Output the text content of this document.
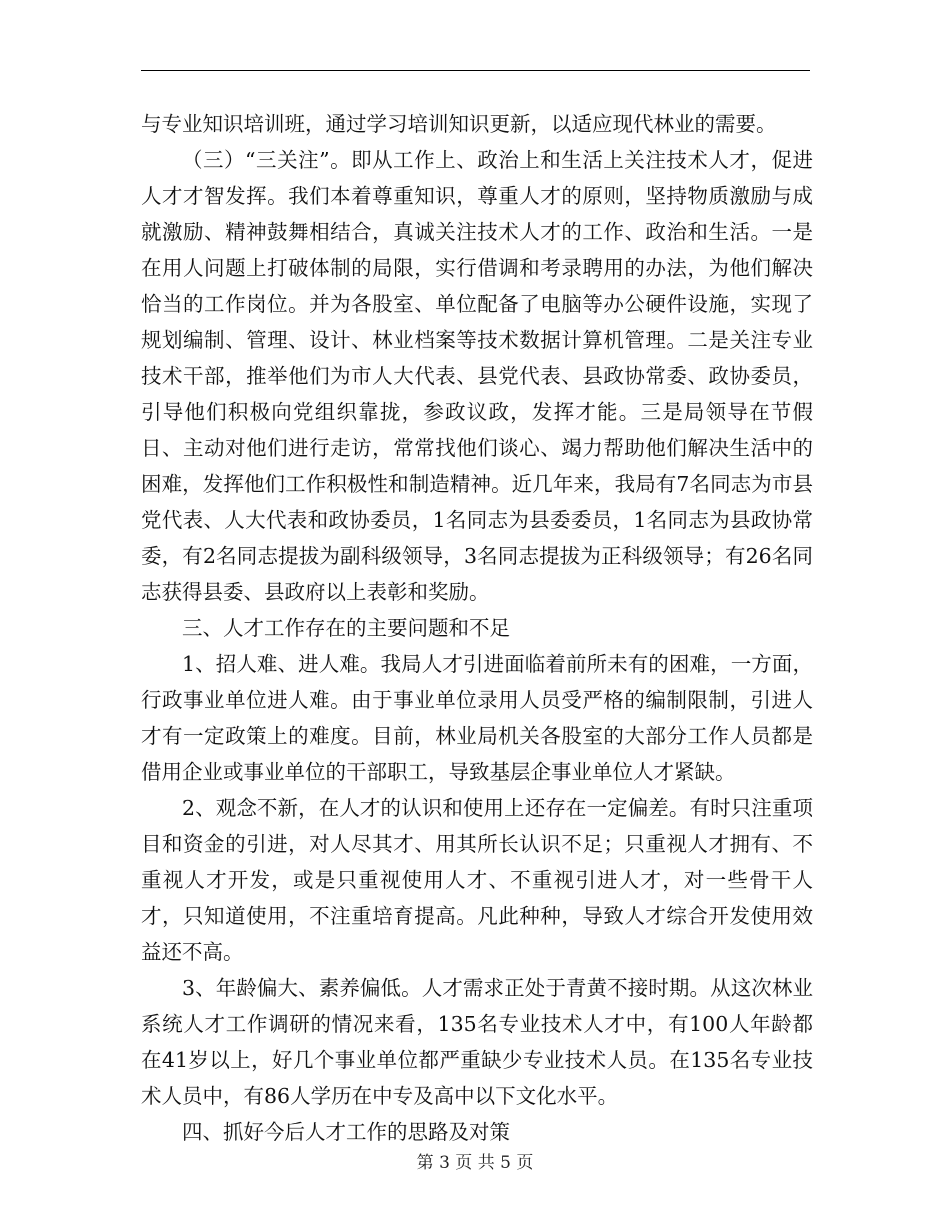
与专业知识培训班，通过学习培训知识更新，以适应现代林业的需要。

（三）“三关注”。即从工作上、政治上和生活上关注技术人才，促进人才才智发挥。我们本着尊重知识，尊重人才的原则，坚持物质激励与成就激励、精神鼓舞相结合，真诚关注技术人才的工作、政治和生活。一是在用人问题上打破体制的局限，实行借调和考录聘用的办法，为他们解决恰当的工作岗位。并为各股室、单位配备了电脑等办公硬件设施，实现了规划编制、管理、设计、林业档案等技术数据计算机管理。二是关注专业技术干部，推举他们为市人大代表、县党代表、县政协常委、政协委员，引导他们积极向党组织靠拢，参政议政，发挥才能。三是局领导在节假日、主动对他们进行走访，常常找他们谈心、竭力帮助他们解决生活中的困难，发挥他们工作积极性和制造精神。近几年来，我局有7名同志为市县党代表、人大代表和政协委员，1名同志为县委委员，1名同志为县政协常委，有2名同志提拔为副科级领导，3名同志提拔为正科级领导；有26名同志获得县委、县政府以上表彰和奖励。

三、人才工作存在的主要问题和不足

1、招人难、进人难。我局人才引进面临着前所未有的困难，一方面，行政事业单位进人难。由于事业单位录用人员受严格的编制限制，引进人才有一定政策上的难度。目前，林业局机关各股室的大部分工作人员都是借用企业或事业单位的干部职工，导致基层企事业单位人才紧缺。

2、观念不新，在人才的认识和使用上还存在一定偏差。有时只注重项目和资金的引进，对人尽其才、用其所长认识不足；只重视人才拥有、不重视人才开发，或是只重视使用人才、不重视引进人才，对一些骨干人才，只知道使用，不注重培育提高。凡此种种，导致人才综合开发使用效益还不高。

3、年龄偏大、素养偏低。人才需求正处于青黄不接时期。从这次林业系统人才工作调研的情况来看，135名专业技术人才中，有100人年龄都在41岁以上，好几个事业单位都严重缺少专业技术人员。在135名专业技术人员中，有86人学历在中专及高中以下文化水平。

四、抓好今后人才工作的思路及对策

第 3 页 共 5 页
